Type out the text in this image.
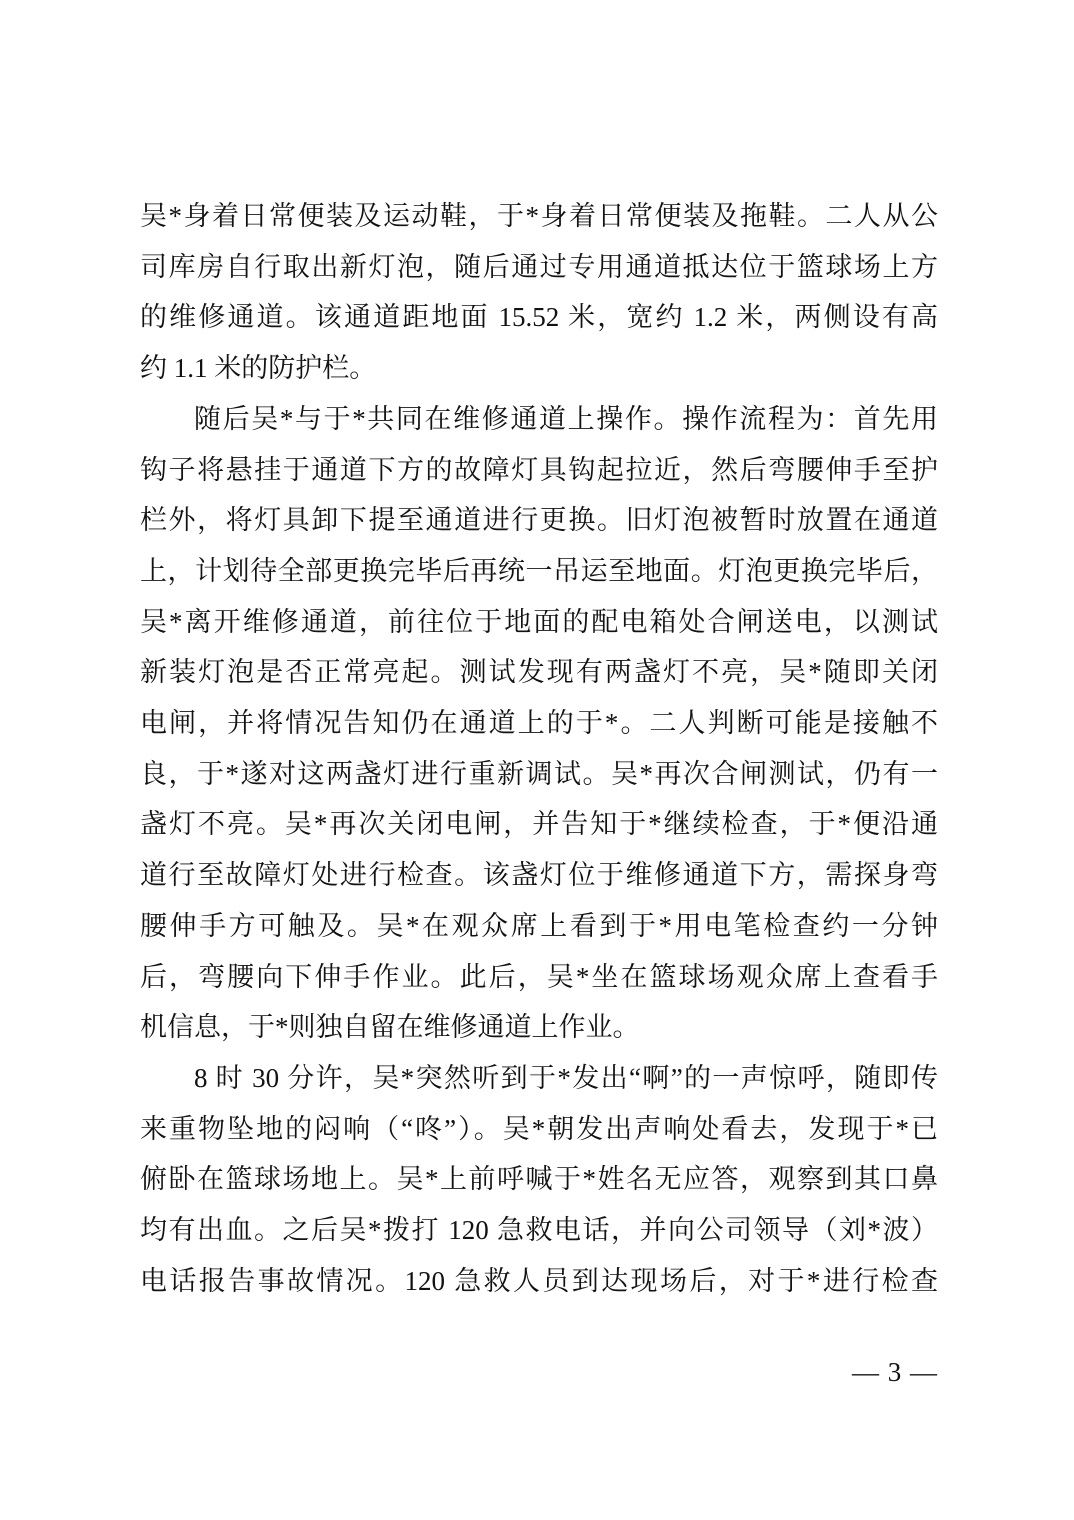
吴*身着日常便装及运动鞋，于*身着日常便装及拖鞋。二人从公
司库房自行取出新灯泡，随后通过专用通道抵达位于篮球场上方
的维修通道。该通道距地面 15.52 米，宽约 1.2 米，两侧设有高
约 1.1 米的防护栏。
随后吴*与于*共同在维修通道上操作。操作流程为：首先用
钩子将悬挂于通道下方的故障灯具钩起拉近，然后弯腰伸手至护
栏外，将灯具卸下提至通道进行更换。旧灯泡被暂时放置在通道
上，计划待全部更换完毕后再统一吊运至地面。灯泡更换完毕后，
吴*离开维修通道，前往位于地面的配电箱处合闸送电，以测试
新装灯泡是否正常亮起。测试发现有两盏灯不亮，吴*随即关闭
电闸，并将情况告知仍在通道上的于*。二人判断可能是接触不
良，于*遂对这两盏灯进行重新调试。吴*再次合闸测试，仍有一
盏灯不亮。吴*再次关闭电闸，并告知于*继续检查，于*便沿通
道行至故障灯处进行检查。该盏灯位于维修通道下方，需探身弯
腰伸手方可触及。吴*在观众席上看到于*用电笔检查约一分钟
后，弯腰向下伸手作业。此后，吴*坐在篮球场观众席上查看手
机信息，于*则独自留在维修通道上作业。
8 时 30 分许，吴*突然听到于*发出“啊”的一声惊呼，随即传
来重物坠地的闷响（“咚”）。吴*朝发出声响处看去，发现于*已
俯卧在篮球场地上。吴*上前呼喊于*姓名无应答，观察到其口鼻
均有出血。之后吴*拨打 120 急救电话，并向公司领导（刘*波）
电话报告事故情况。120 急救人员到达现场后，对于*进行检查
— 3 —
